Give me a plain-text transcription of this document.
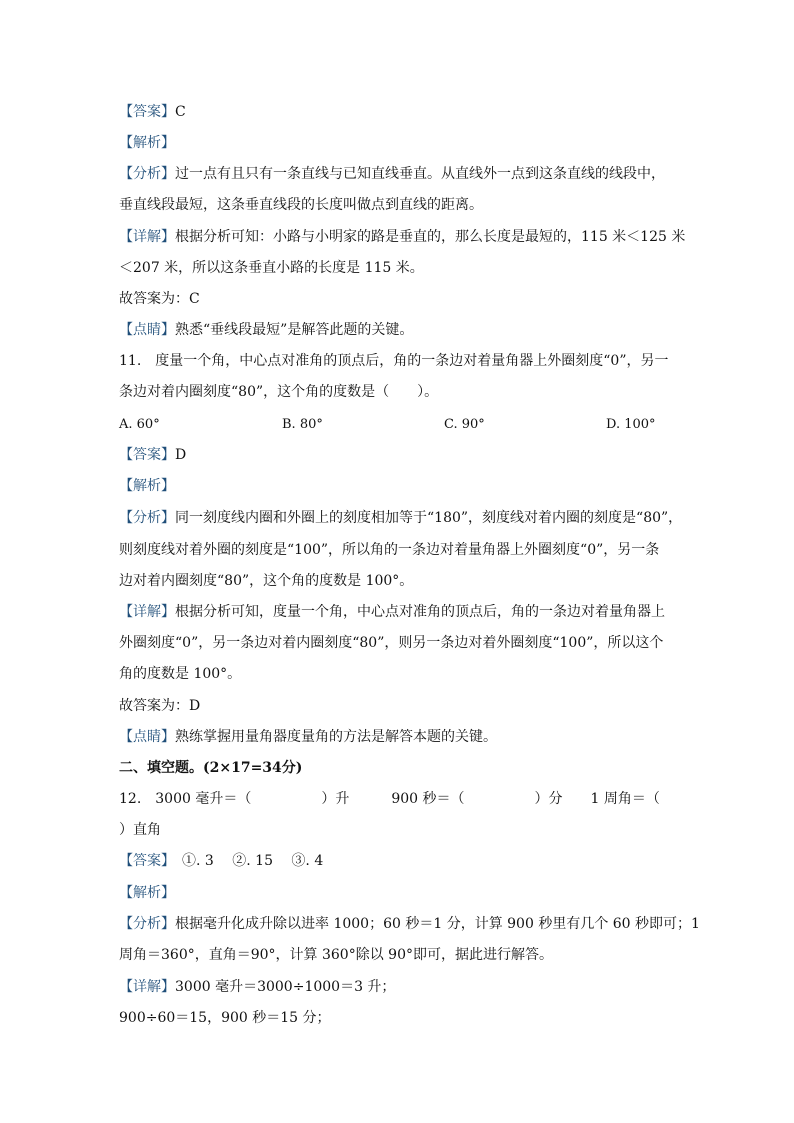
【答案】C
【解析】
【分析】过一点有且只有一条直线与已知直线垂直。从直线外一点到这条直线的线段中，
垂直线段最短，这条垂直线段的长度叫做点到直线的距离。
【详解】根据分析可知：小路与小明家的路是垂直的，那么长度是最短的，115 米＜125 米
＜207 米，所以这条垂直小路的长度是 115 米。
故答案为：C
【点睛】熟悉“垂线段最短”是解答此题的关键。
11.　度量一个角，中心点对准角的顶点后，角的一条边对着量角器上外圈刻度“0”，另一
条边对着内圈刻度“80”，这个角的度数是（　　）。
A. 60°	B. 80°	C. 90°	D. 100°
【答案】D
【解析】
【分析】同一刻度线内圈和外圈上的刻度相加等于“180”，刻度线对着内圈的刻度是“80”，
则刻度线对着外圈的刻度是“100”，所以角的一条边对着量角器上外圈刻度“0”，另一条
边对着内圈刻度“80”，这个角的度数是 100°。
【详解】根据分析可知，度量一个角，中心点对准角的顶点后，角的一条边对着量角器上
外圈刻度“0”，另一条边对着内圈刻度“80”，则另一条边对着外圈刻度“100”，所以这个
角的度数是 100°。
故答案为：D
【点睛】熟练掌握用量角器度量角的方法是解答本题的关键。
二、填空题。(2×17=34分)
12.　3000 毫升＝（　　　　　）升　　　900 秒＝（　　　　　）分　　1 周角＝（
）直角
【答案】　①. 3　 ②. 15　 ③. 4
【解析】
【分析】根据毫升化成升除以进率 1000；60 秒＝1 分，计算 900 秒里有几个 60 秒即可；1
周角＝360°，直角＝90°，计算 360°除以 90°即可，据此进行解答。
【详解】3000 毫升＝3000÷1000＝3 升；
900÷60＝15，900 秒＝15 分；
